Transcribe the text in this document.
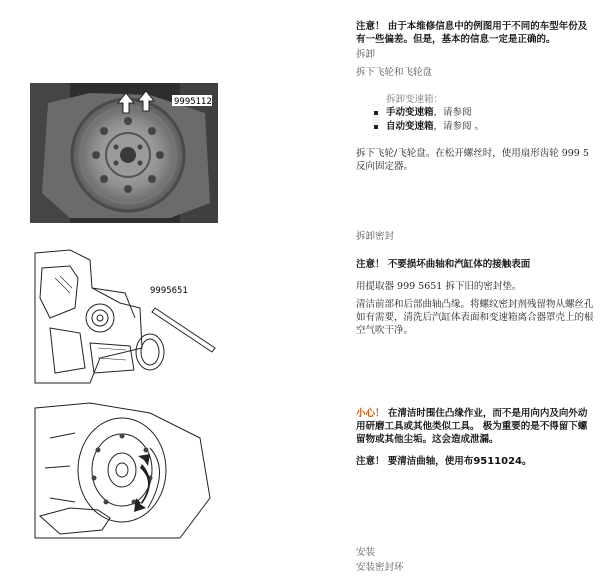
9995112
9995651
注意！ 由于本维修信息中的例图用于不同的车型年份及
有一些偏差。但是，基本的信息一定是正确的。
拆卸
拆下飞轮和飞轮盘
拆卸变速箱：
手动变速箱，请参阅
自动变速箱，请参阅 。
拆下飞轮/飞轮盘。在松开螺丝时，使用扇形齿轮 999 5
反向固定器。
拆卸密封
注意！ 不要损坏曲轴和汽缸体的接触表面
用提取器 999 5651 拆下旧的密封垫。
清洁前部和后部曲轴凸缘。将螺纹密封剂残留物从螺丝孔
如有需要，清洗后汽缸体表面和变速箱离合器罩壳上的根
空气吹干净。
小心！ 在清洁时围住凸缘作业，而不是用向内及向外动
用研磨工具或其他类似工具。 极为重要的是不得留下螺
留物或其他尘垢。这会造成泄漏。
注意！ 要清洁曲轴，使用布9511024。
安装
安装密封环
